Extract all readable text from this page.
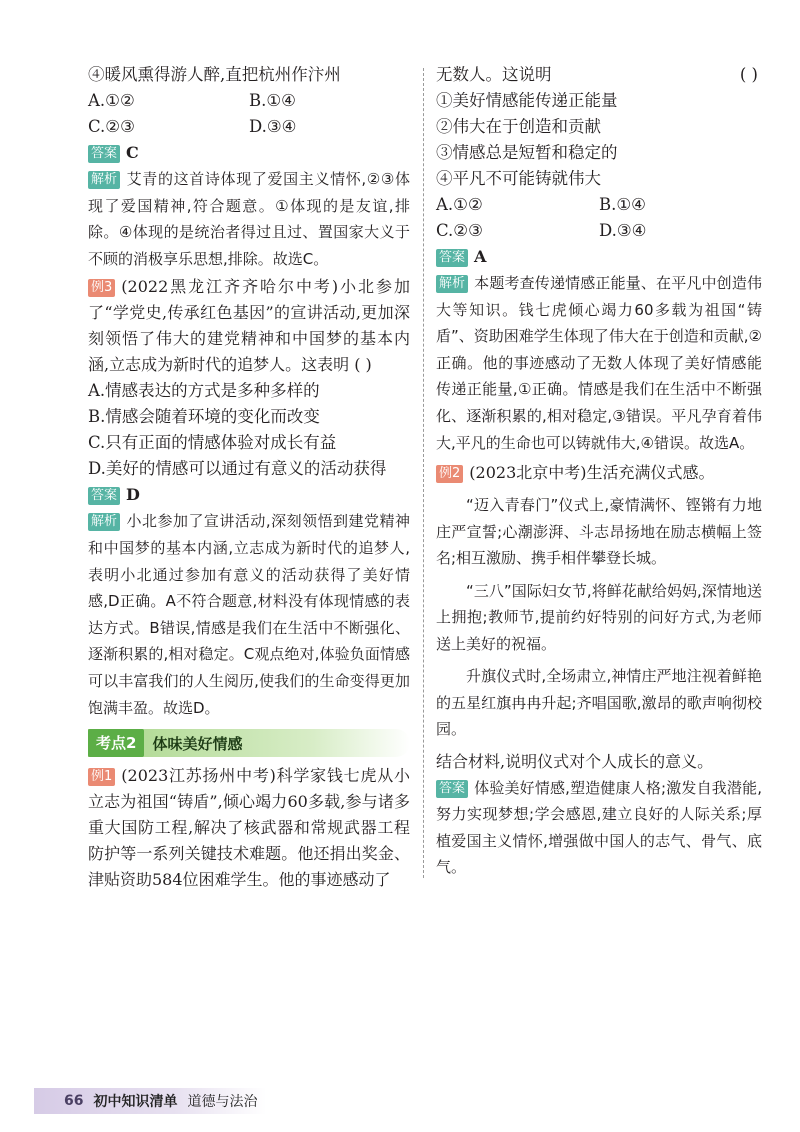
④暖风熏得游人醉,直把杭州作汴州
A.①②	B.①④
C.②③	D.③④
答案 C
解析 艾青的这首诗体现了爱国主义情怀,②③体现了爱国精神,符合题意。①体现的是友谊,排除。④体现的是统治者得过且过、置国家大义于不顾的消极享乐思想,排除。故选C。
例3 (2022黑龙江齐齐哈尔中考)小北参加了“学党史,传承红色基因”的宣讲活动,更加深刻领悟了伟大的建党精神和中国梦的基本内涵,立志成为新时代的追梦人。这表明 ( )
A.情感表达的方式是多种多样的
B.情感会随着环境的变化而改变
C.只有正面的情感体验对成长有益
D.美好的情感可以通过有意义的活动获得
答案 D
解析 小北参加了宣讲活动,深刻领悟到建党精神和中国梦的基本内涵,立志成为新时代的追梦人,表明小北通过参加有意义的活动获得了美好情感,D正确。A不符合题意,材料没有体现情感的表达方式。B错误,情感是我们在生活中不断强化、逐渐积累的,相对稳定。C观点绝对,体验负面情感可以丰富我们的人生阅历,使我们的生命变得更加饱满丰盈。故选D。
考点2	体味美好情感
例1 (2023江苏扬州中考)科学家钱七虎从小立志为祖国“铸盾”,倾心竭力60多载,参与诸多重大国防工程,解决了核武器和常规武器工程防护等一系列关键技术难题。他还捐出奖金、津贴资助584位困难学生。他的事迹感动了
无数人。这说明	( )
①美好情感能传递正能量
②伟大在于创造和贡献
③情感总是短暂和稳定的
④平凡不可能铸就伟大
A.①②	B.①④
C.②③	D.③④
答案 A
解析 本题考查传递情感正能量、在平凡中创造伟大等知识。钱七虎倾心竭力60多载为祖国“铸盾”、资助困难学生体现了伟大在于创造和贡献,②正确。他的事迹感动了无数人体现了美好情感能传递正能量,①正确。情感是我们在生活中不断强化、逐渐积累的,相对稳定,③错误。平凡孕育着伟大,平凡的生命也可以铸就伟大,④错误。故选A。
例2 (2023北京中考)生活充满仪式感。
“迈入青春门”仪式上,豪情满怀、铿锵有力地庄严宣誓;心潮澎湃、斗志昂扬地在励志横幅上签名;相互激励、携手相伴攀登长城。
“三八”国际妇女节,将鲜花献给妈妈,深情地送上拥抱;教师节,提前约好特别的问好方式,为老师送上美好的祝福。
升旗仪式时,全场肃立,神情庄严地注视着鲜艳的五星红旗冉冉升起;齐唱国歌,激昂的歌声响彻校园。
结合材料,说明仪式对个人成长的意义。
答案 体验美好情感,塑造健康人格;激发自我潜能,努力实现梦想;学会感恩,建立良好的人际关系;厚植爱国主义情怀,增强做中国人的志气、骨气、底气。
66 初中知识清单 道德与法治
